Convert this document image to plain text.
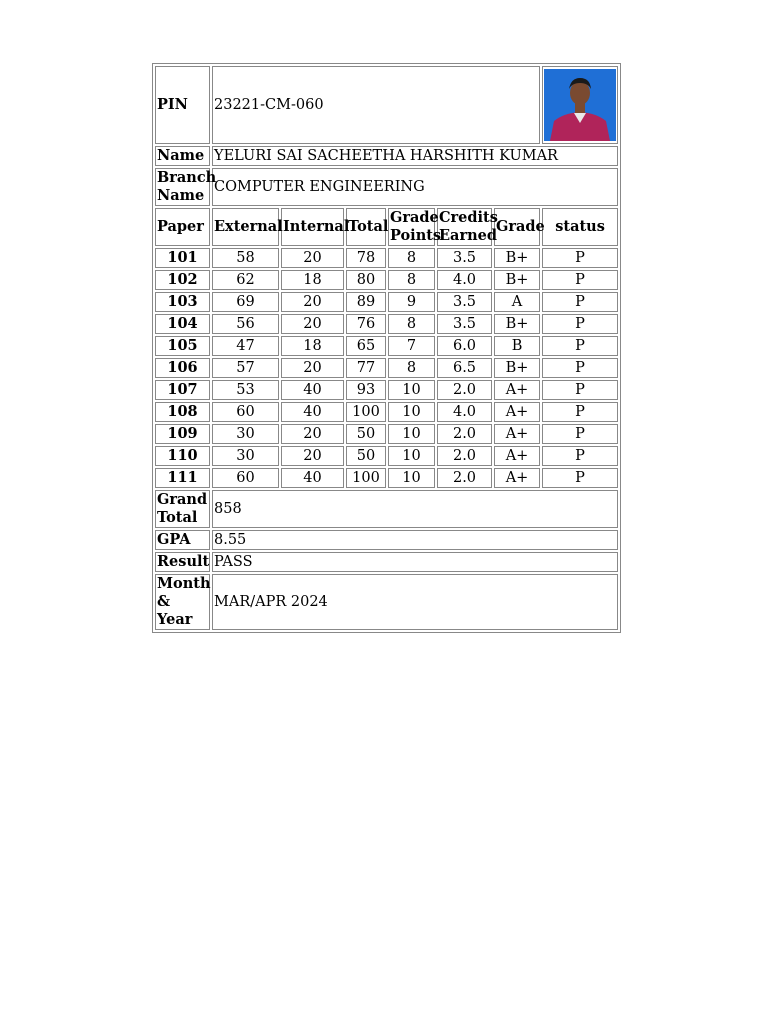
PIN	23221-CM-060	

Name	YELURI SAI SACHEETHA HARSHITH KUMAR						
Branch Name	COMPUTER ENGINEERING						
Paper	External	Internal	Total	Grade Points	Credits Earned	Grade	status
101	58	20	78	8	3.5	B+	P
102	62	18	80	8	4.0	B+	P
103	69	20	89	9	3.5	A	P
104	56	20	76	8	3.5	B+	P
105	47	18	65	7	6.0	B	P
106	57	20	77	8	6.5	B+	P
107	53	40	93	10	2.0	A+	P
108	60	40	100	10	4.0	A+	P
109	30	20	50	10	2.0	A+	P
110	30	20	50	10	2.0	A+	P
111	60	40	100	10	2.0	A+	P
Grand Total	858						
GPA	8.55						
Result	PASS						
Month & Year	MAR/APR 2024						
